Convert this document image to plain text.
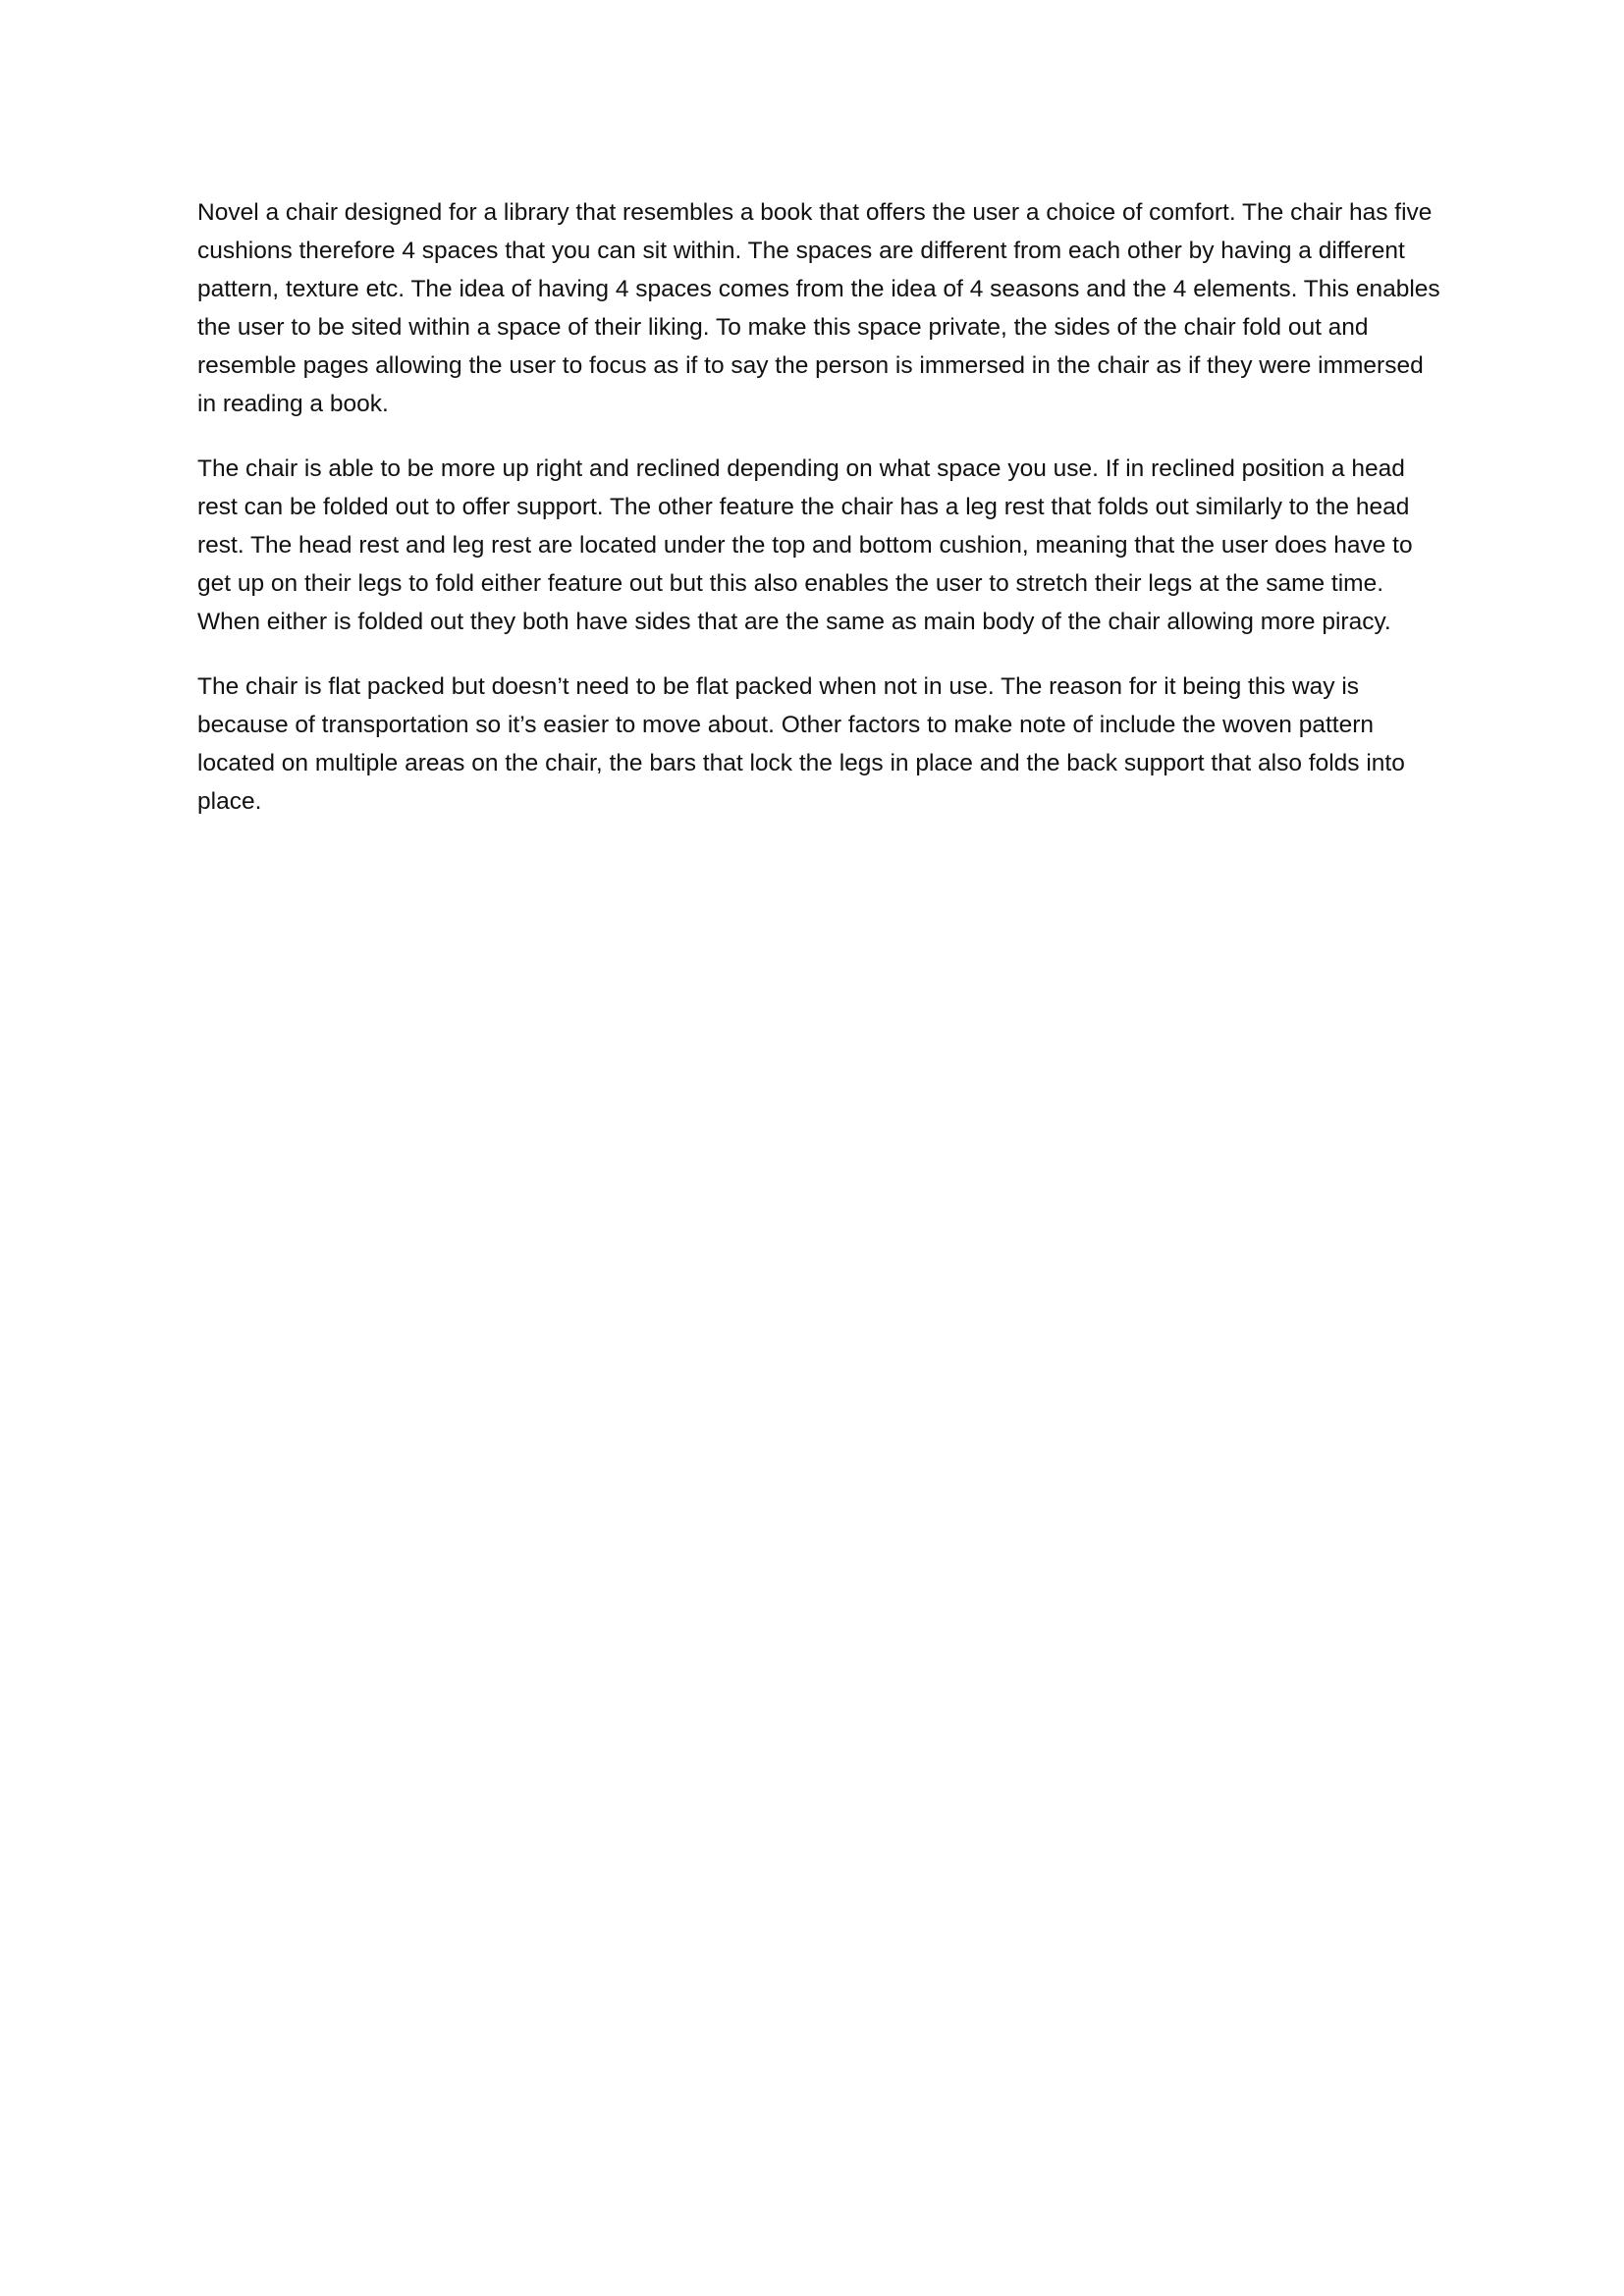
Novel a chair designed for a library that resembles a book that offers the user a choice of comfort. The chair has five cushions therefore 4 spaces that you can sit within. The spaces are different from each other by having a different pattern, texture etc. The idea of having 4 spaces comes from the idea of 4 seasons and the 4 elements. This enables the user to be sited within a space of their liking. To make this space private, the sides of the chair fold out and resemble pages allowing the user to focus as if to say the person is immersed in the chair as if they were immersed in reading a book.

The chair is able to be more up right and reclined depending on what space you use. If in reclined position a head rest can be folded out to offer support. The other feature the chair has a leg rest that folds out similarly to the head rest. The head rest and leg rest are located under the top and bottom cushion, meaning that the user does have to get up on their legs to fold either feature out but this also enables the user to stretch their legs at the same time. When either is folded out they both have sides that are the same as main body of the chair allowing more piracy.

The chair is flat packed but doesn’t need to be flat packed when not in use. The reason for it being this way is because of transportation so it’s easier to move about. Other factors to make note of include the woven pattern located on multiple areas on the chair, the bars that lock the legs in place and the back support that also folds into place.
